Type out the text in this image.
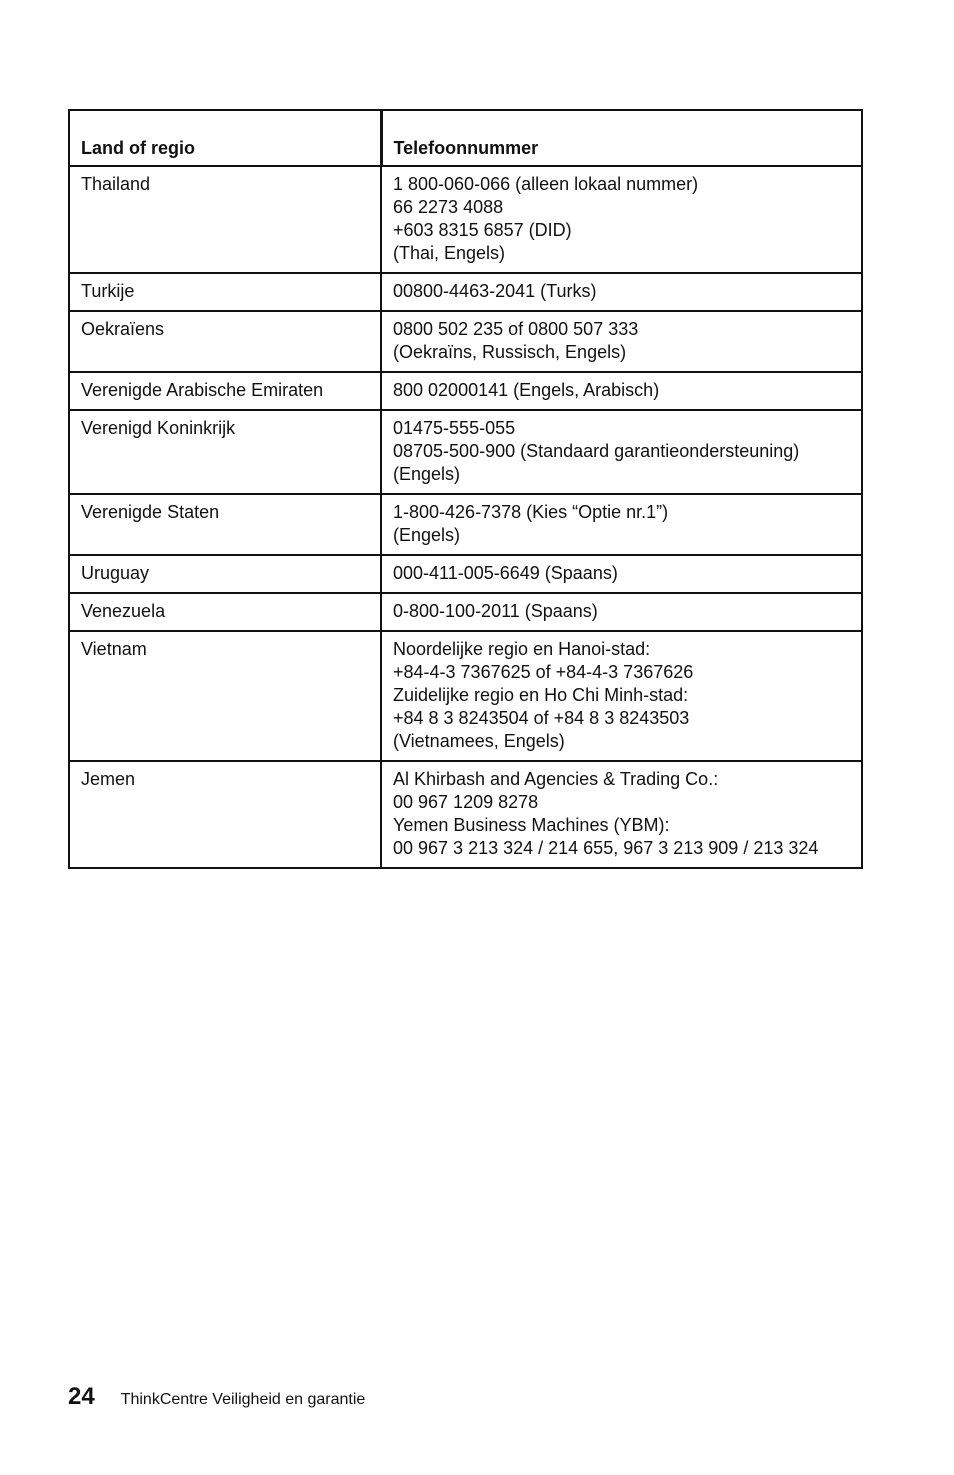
Land of regio	Telefoonnummer
Thailand	1 800-060-066 (alleen lokaal nummer)
66 2273 4088
+603 8315 6857 (DID)
(Thai, Engels)

Turkije	00800-4463-2041 (Turks)

Oekraïens	0800 502 235 of 0800 507 333
(Oekraïns, Russisch, Engels)

Verenigde Arabische Emiraten	800 02000141 (Engels, Arabisch)

Verenigd Koninkrijk	01475-555-055
08705-500-900 (Standaard garantieondersteuning)
(Engels)

Verenigde Staten	1-800-426-7378 (Kies “Optie nr.1”)
(Engels)

Uruguay	000-411-005-6649 (Spaans)

Venezuela	0-800-100-2011 (Spaans)

Vietnam	Noordelijke regio en Hanoi-stad:
+84-4-3 7367625 of +84-4-3 7367626
Zuidelijke regio en Ho Chi Minh-stad:
+84 8 3 8243504 of +84 8 3 8243503
(Vietnamees, Engels)

Jemen	Al Khirbash and Agencies & Trading Co.:
00 967 1209 8278
Yemen Business Machines (YBM):
00 967 3 213 324 / 214 655, 967 3 213 909 / 213 324
24 ThinkCentre Veiligheid en garantie
